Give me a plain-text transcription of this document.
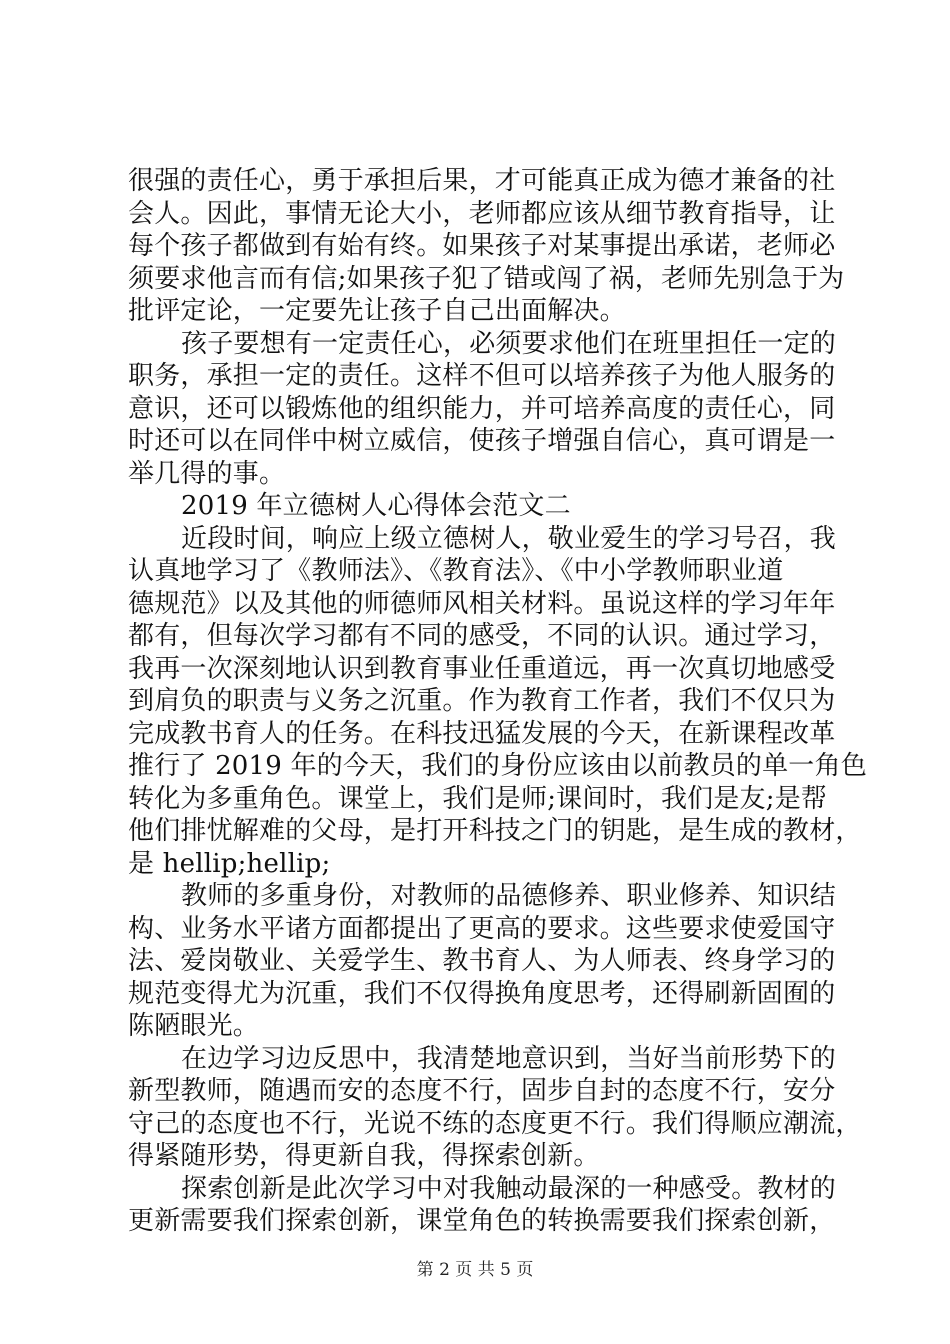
很强的责任心，勇于承担后果，才可能真正成为德才兼备的社
会人。因此，事情无论大小，老师都应该从细节教育指导，让
每个孩子都做到有始有终。如果孩子对某事提出承诺，老师必
须要求他言而有信;如果孩子犯了错或闯了祸，老师先别急于为
批评定论，一定要先让孩子自己出面解决。
孩子要想有一定责任心，必须要求他们在班里担任一定的
职务，承担一定的责任。这样不但可以培养孩子为他人服务的
意识，还可以锻炼他的组织能力，并可培养高度的责任心，同
时还可以在同伴中树立威信，使孩子增强自信心，真可谓是一
举几得的事。
2019 年立德树人心得体会范文二
近段时间，响应上级立德树人，敬业爱生的学习号召，我
认真地学习了《教师法》、《教育法》、《中小学教师职业道
德规范》以及其他的师德师风相关材料。虽说这样的学习年年
都有，但每次学习都有不同的感受，不同的认识。通过学习，
我再一次深刻地认识到教育事业任重道远，再一次真切地感受
到肩负的职责与义务之沉重。作为教育工作者，我们不仅只为
完成教书育人的任务。在科技迅猛发展的今天，在新课程改革
推行了 2019 年的今天，我们的身份应该由以前教员的单一角色
转化为多重角色。课堂上，我们是师;课间时，我们是友;是帮
他们排忧解难的父母，是打开科技之门的钥匙，是生成的教材，
是 hellip;hellip;
教师的多重身份，对教师的品德修养、职业修养、知识结
构、业务水平诸方面都提出了更高的要求。这些要求使爱国守
法、爱岗敬业、关爱学生、教书育人、为人师表、终身学习的
规范变得尤为沉重，我们不仅得换角度思考，还得刷新固囿的
陈陋眼光。
在边学习边反思中，我清楚地意识到，当好当前形势下的
新型教师，随遇而安的态度不行，固步自封的态度不行，安分
守己的态度也不行，光说不练的态度更不行。我们得顺应潮流，
得紧随形势，得更新自我，得探索创新。
探索创新是此次学习中对我触动最深的一种感受。教材的
更新需要我们探索创新，课堂角色的转换需要我们探索创新，
第 2 页 共 5 页
